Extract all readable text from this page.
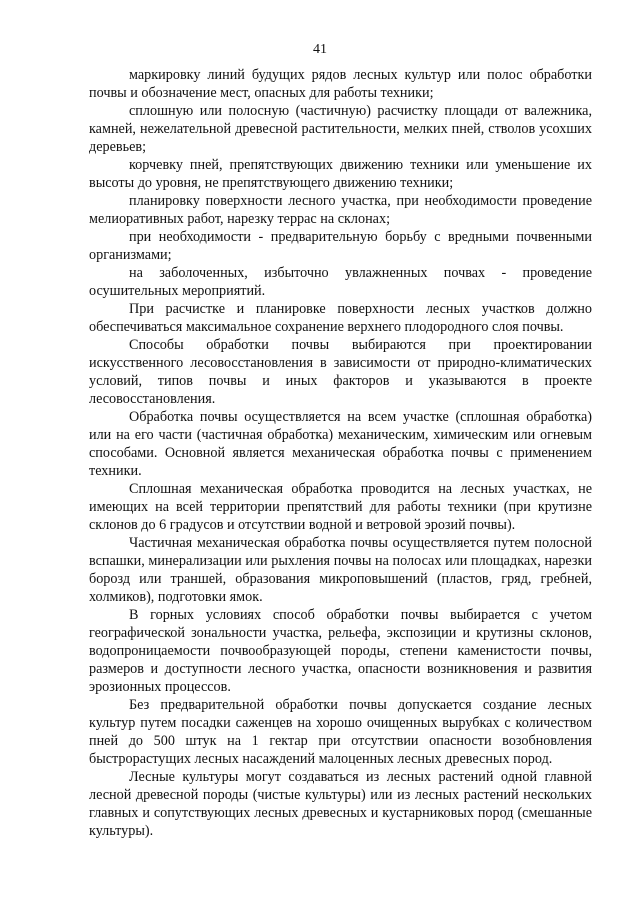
41

маркировку линий будущих рядов лесных культур или полос обработки почвы и обозначение мест, опасных для работы техники;

сплошную или полосную (частичную) расчистку площади от валежника, камней, нежелательной древесной растительности, мелких пней, стволов усохших деревьев;

корчевку пней, препятствующих движению техники или уменьшение их высоты до уровня, не препятствующего движению техники;

планировку поверхности лесного участка, при необходимости проведение мелиоративных работ, нарезку террас на склонах;

при необходимости - предварительную борьбу с вредными почвенными организмами;

на заболоченных, избыточно увлажненных почвах - проведение осушительных мероприятий.

При расчистке и планировке поверхности лесных участков должно обеспечиваться максимальное сохранение верхнего плодородного слоя почвы.

Способы обработки почвы выбираются при проектировании искусственного лесовосстановления в зависимости от природно-климатических условий, типов почвы и иных факторов и указываются в проекте лесовосстановления.

Обработка почвы осуществляется на всем участке (сплошная обработка) или на его части (частичная обработка) механическим, химическим или огневым способами. Основной является механическая обработка почвы с применением техники.

Сплошная механическая обработка проводится на лесных участках, не имеющих на всей территории препятствий для работы техники (при крутизне склонов до 6 градусов и отсутствии водной и ветровой эрозий почвы).

Частичная механическая обработка почвы осуществляется путем полосной вспашки, минерализации или рыхления почвы на полосах или площадках, нарезки борозд или траншей, образования микроповышений (пластов, гряд, гребней, холмиков), подготовки ямок.

В горных условиях способ обработки почвы выбирается с учетом географической зональности участка, рельефа, экспозиции и крутизны склонов, водопроницаемости почвообразующей породы, степени каменистости почвы, размеров и доступности лесного участка, опасности возникновения и развития эрозионных процессов.

Без предварительной обработки почвы допускается создание лесных культур путем посадки саженцев на хорошо очищенных вырубках с количеством пней до 500 штук на 1 гектар при отсутствии опасности возобновления быстрорастущих лесных насаждений малоценных лесных древесных пород.

Лесные культуры могут создаваться из лесных растений одной главной лесной древесной породы (чистые культуры) или из лесных растений нескольких главных и сопутствующих лесных древесных и кустарниковых пород (смешанные культуры).
